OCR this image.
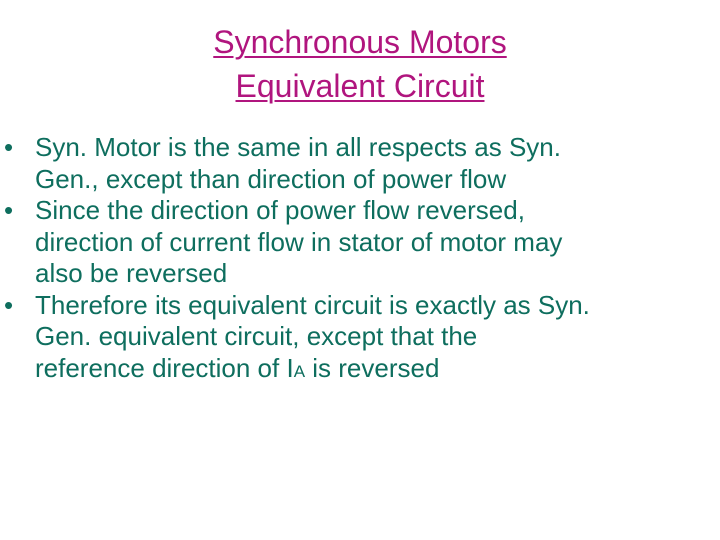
Synchronous Motors
Equivalent Circuit
• Syn. Motor is the same in all respects as Syn.
Gen., except than direction of power flow
• Since the direction of power flow reversed,
direction of current flow in stator of motor may
also be reversed
• Therefore its equivalent circuit is exactly as Syn.
Gen. equivalent circuit, except that the
reference direction of IA is reversed
